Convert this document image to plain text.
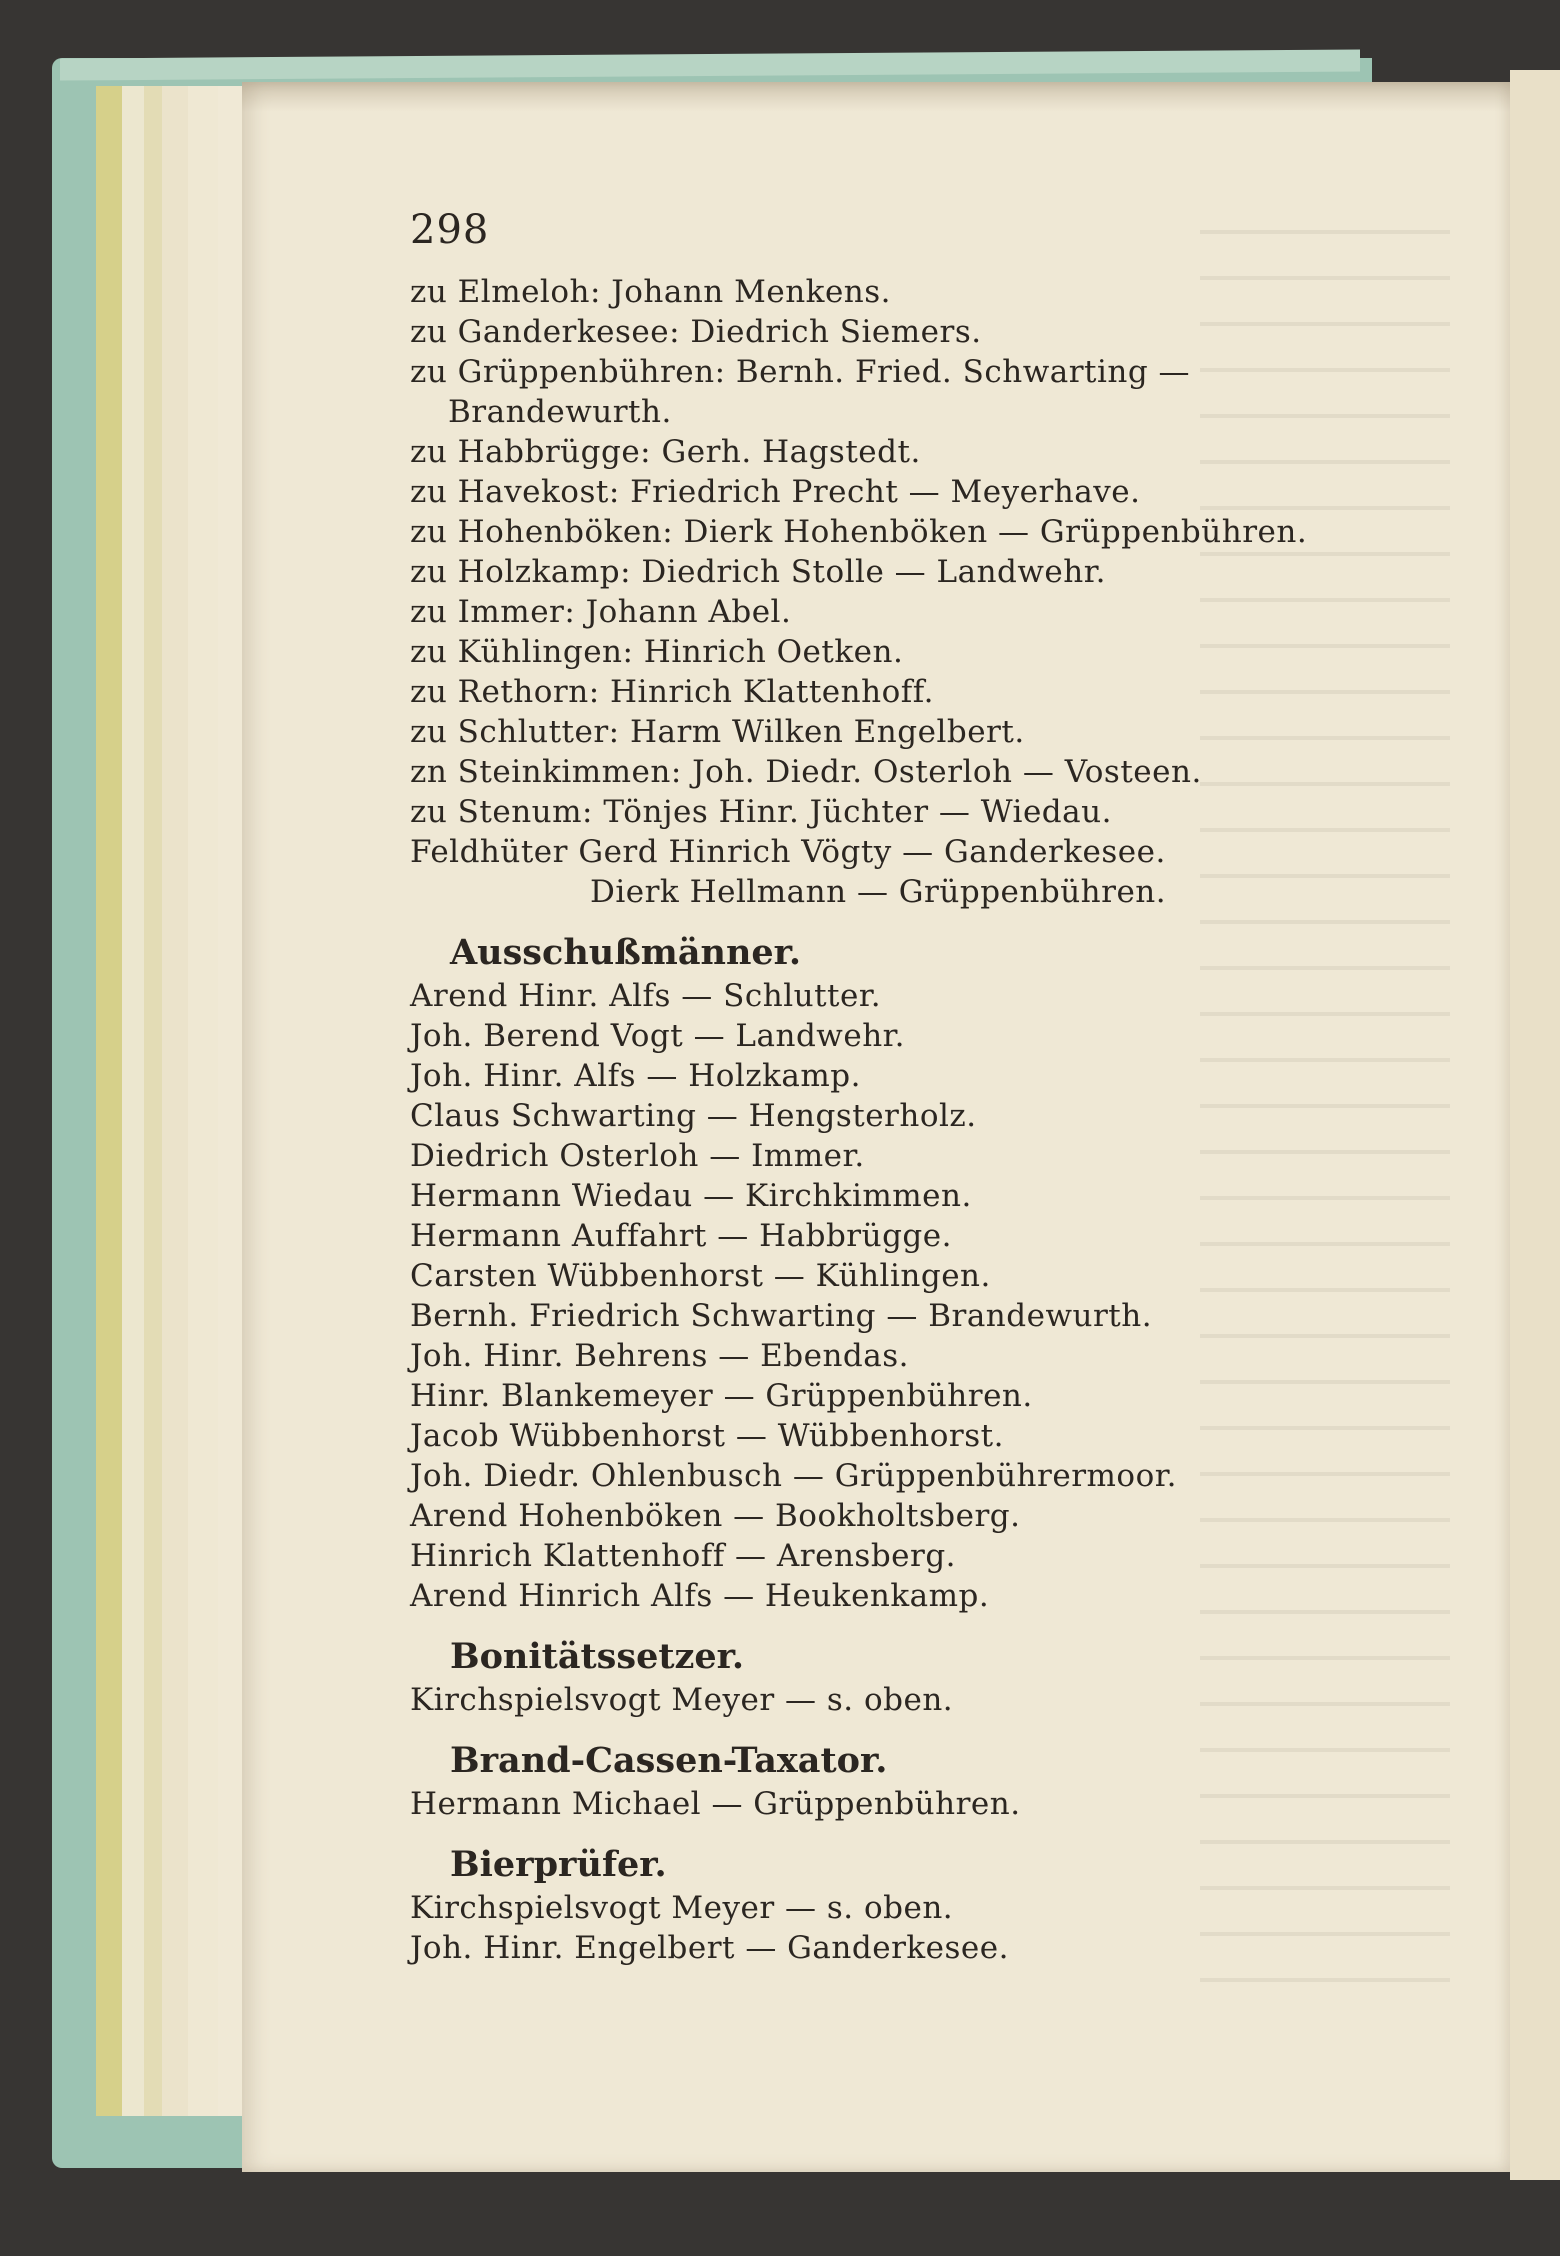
298
zu Elmeloh: Johann Menkens.
zu Ganderkesee: Diedrich Siemers.
zu Grüppenbühren: Bernh. Fried. Schwarting —
Brandewurth.
zu Habbrügge: Gerh. Hagstedt.
zu Havekost: Friedrich Precht — Meyerhave.
zu Hohenböken: Dierk Hohenböken — Grüppenbühren.
zu Holzkamp: Diedrich Stolle — Landwehr.
zu Immer: Johann Abel.
zu Kühlingen: Hinrich Oetken.
zu Rethorn: Hinrich Klattenhoff.
zu Schlutter: Harm Wilken Engelbert.
zn Steinkimmen: Joh. Diedr. Osterloh — Vosteen.
zu Stenum: Tönjes Hinr. Jüchter — Wiedau.
Feldhüter Gerd Hinrich Vögty — Ganderkesee.
Dierk Hellmann — Grüppenbühren.
Ausschußmänner.
Arend Hinr. Alfs — Schlutter.
Joh. Berend Vogt — Landwehr.
Joh. Hinr. Alfs — Holzkamp.
Claus Schwarting — Hengsterholz.
Diedrich Osterloh — Immer.
Hermann Wiedau — Kirchkimmen.
Hermann Auffahrt — Habbrügge.
Carsten Wübbenhorst — Kühlingen.
Bernh. Friedrich Schwarting — Brandewurth.
Joh. Hinr. Behrens — Ebendas.
Hinr. Blankemeyer — Grüppenbühren.
Jacob Wübbenhorst — Wübbenhorst.
Joh. Diedr. Ohlenbusch — Grüppenbührermoor.
Arend Hohenböken — Bookholtsberg.
Hinrich Klattenhoff — Arensberg.
Arend Hinrich Alfs — Heukenkamp.
Bonitätssetzer.
Kirchspielsvogt Meyer — s. oben.
Brand-Cassen-Taxator.
Hermann Michael — Grüppenbühren.
Bierprüfer.
Kirchspielsvogt Meyer — s. oben.
Joh. Hinr. Engelbert — Ganderkesee.
